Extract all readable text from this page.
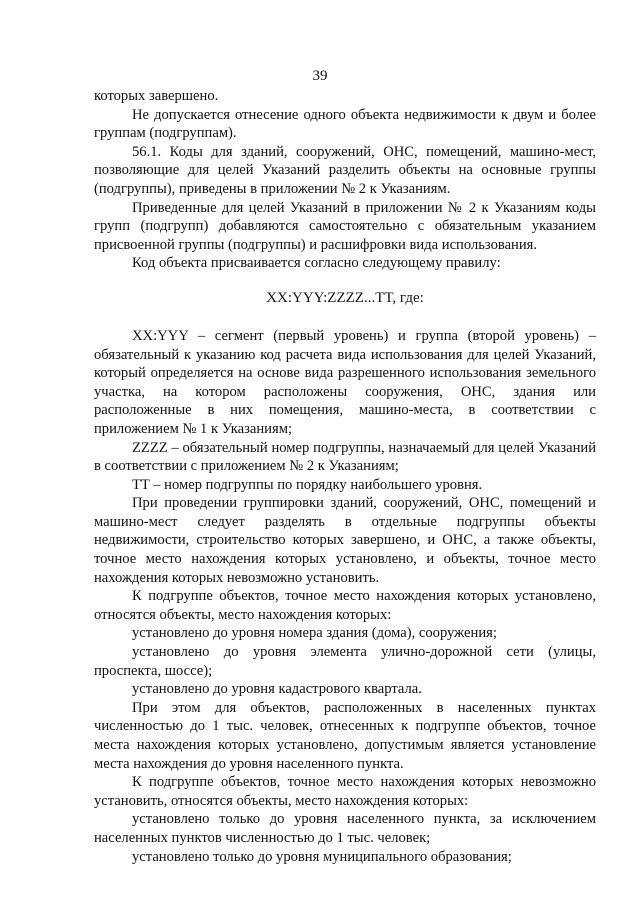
39

которых завершено.

Не допускается отнесение одного объекта недвижимости к двум и более группам (подгруппам).

56.1. Коды для зданий, сооружений, ОНС, помещений, машино-мест, позволяющие для целей Указаний разделить объекты на основные группы (подгруппы), приведены в приложении № 2 к Указаниям.

Приведенные для целей Указаний в приложении № 2 к Указаниям коды групп (подгрупп) добавляются самостоятельно с обязательным указанием присвоенной группы (подгруппы) и расшифровки вида использования.

Код объекта присваивается согласно следующему правилу:

XX:YYY:ZZZZ...TT, где:

XX:YYY – сегмент (первый уровень) и группа (второй уровень) – обязательный к указанию код расчета вида использования для целей Указаний, который определяется на основе вида разрешенного использования земельного участка, на котором расположены сооружения, ОНС, здания или расположенные в них помещения, машино-места, в соответствии с приложением № 1 к Указаниям;

ZZZZ – обязательный номер подгруппы, назначаемый для целей Указаний в соответствии с приложением № 2 к Указаниям;

TT – номер подгруппы по порядку наибольшего уровня.

При проведении группировки зданий, сооружений, ОНС, помещений и машино-мест следует разделять в отдельные подгруппы объекты недвижимости, строительство которых завершено, и ОНС, а также объекты, точное место нахождения которых установлено, и объекты, точное место нахождения которых невозможно установить.

К подгруппе объектов, точное место нахождения которых установлено, относятся объекты, место нахождения которых:

установлено до уровня номера здания (дома), сооружения;

установлено до уровня элемента улично-дорожной сети (улицы, проспекта, шоссе);

установлено до уровня кадастрового квартала.

При этом для объектов, расположенных в населенных пунктах численностью до 1 тыс. человек, отнесенных к подгруппе объектов, точное места нахождения которых установлено, допустимым является установление места нахождения до уровня населенного пункта.

К подгруппе объектов, точное место нахождения которых невозможно установить, относятся объекты, место нахождения которых:

установлено только до уровня населенного пункта, за исключением населенных пунктов численностью до 1 тыс. человек;

установлено только до уровня муниципального образования;
